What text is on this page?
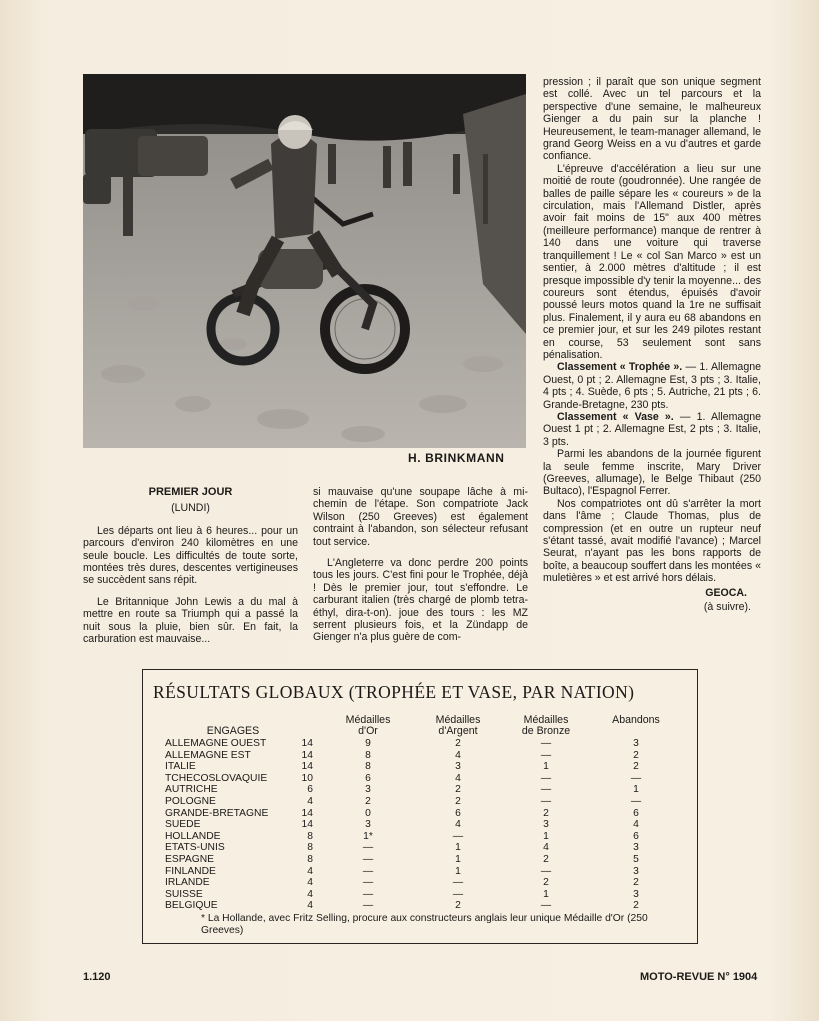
H. BRINKMANN

PREMIER JOUR

(LUNDI)

Les départs ont lieu à 6 heures... pour un parcours d'environ 240 kilomètres en une seule boucle. Les difficultés de toute sorte, montées très dures, descentes vertigineuses se succèdent sans répit.

Le Britannique John Lewis a du mal à mettre en route sa Triumph qui a passé la nuit sous la pluie, bien sûr. En fait, la carburation est mauvaise...

si mauvaise qu'une soupape lâche à mi-chemin de l'étape. Son compatriote Jack Wilson (250 Greeves) est également contraint à l'abandon, son sélecteur refusant tout service.

L'Angleterre va donc perdre 200 points tous les jours. C'est fini pour le Trophée, déjà ! Dès le premier jour, tout s'effondre. Le carburant italien (très chargé de plomb tetra-éthyl, dira-t-on). joue des tours : les MZ serrent plusieurs fois, et la Zündapp de Gienger n'a plus guère de com-

pression ; il paraît que son unique segment est collé. Avec un tel parcours et la perspective d'une semaine, le malheureux Gienger a du pain sur la planche ! Heureusement, le team-manager allemand, le grand Georg Weiss en a vu d'autres et garde confiance.

L'épreuve d'accélération a lieu sur une moitié de route (goudronnée). Une rangée de balles de paille sépare les « coureurs » de la circulation, mais l'Allemand Distler, après avoir fait moins de 15" aux 400 mètres (meilleure performance) manque de rentrer à 140 dans une voiture qui traverse tranquillement ! Le « col San Marco » est un sentier, à 2.000 mètres d'altitude ; il est presque impossible d'y tenir la moyenne... des coureurs sont étendus, épuisés d'avoir poussé leurs motos quand la 1re ne suffisait plus. Finalement, il y aura eu 68 abandons en ce premier jour, et sur les 249 pilotes restant en course, 53 seulement sont sans pénalisation.

Classement « Trophée ». — 1. Allemagne Ouest, 0 pt ; 2. Allemagne Est, 3 pts ; 3. Italie, 4 pts ; 4. Suède, 6 pts ; 5. Autriche, 21 pts ; 6. Grande-Bretagne, 230 pts.

Classement « Vase ». — 1. Allemagne Ouest 1 pt ; 2. Allemagne Est, 2 pts ; 3. Italie, 3 pts.

Parmi les abandons de la journée figurent la seule femme inscrite, Mary Driver (Greeves, allumage), le Belge Thibaut (250 Bultaco), l'Espagnol Ferrer.

Nos compatriotes ont dû s'arrêter la mort dans l'âme ; Claude Thomas, plus de compression (et en outre un rupteur neuf s'étant tassé, avait modifié l'avance) ; Marcel Seurat, n'ayant pas les bons rapports de boîte, a beaucoup souffert dans les montées « muletières » et est arrivé hors délais.

GEOCA.

(à suivre).

RÉSULTATS GLOBAUX (TROPHÉE ET VASE, PAR NATION)
ENGAGES
Médailles
d'Or
Médailles
d'Argent
Médailles
de Bronze
Abandons
ALLEMAGNE OUEST	14	9	2	—	3
ALLEMAGNE EST	14	8	4	—	2
ITALIE	14	8	3	1	2
TCHECOSLOVAQUIE	10	6	4	—	—
AUTRICHE	6	3	2	—	1
POLOGNE	4	2	2	—	—
GRANDE-BRETAGNE	14	0	6	2	6
SUEDE	14	3	4	3	4
HOLLANDE	8	1*	—	1	6
ETATS-UNIS	8	—	1	4	3
ESPAGNE	8	—	1	2	5
FINLANDE	4	—	1	—	3
IRLANDE	4	—	—	2	2
SUISSE	4	—	—	1	3
BELGIQUE	4	—	2	—	2
* La Hollande, avec Fritz Selling, procure aux constructeurs anglais leur unique Médaille d'Or (250 Greeves)
1.120	MOTO-REVUE N° 1904
